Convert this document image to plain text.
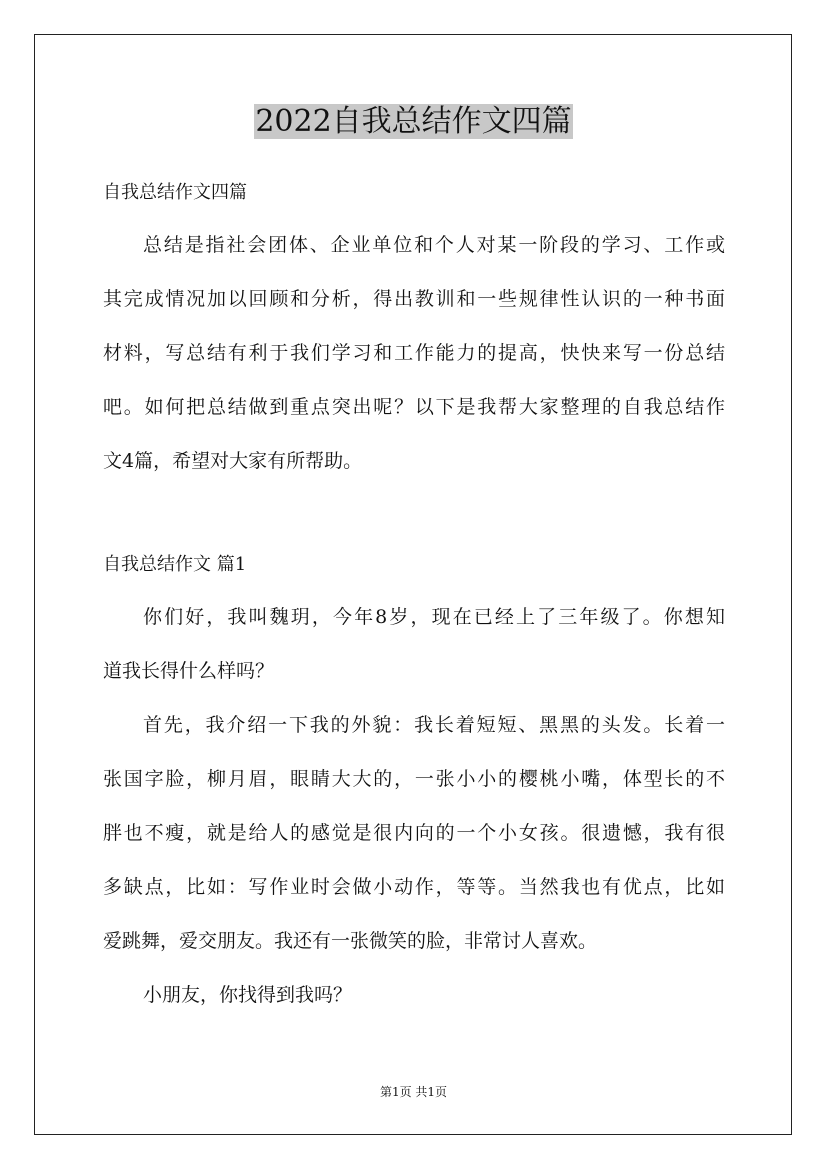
2022自我总结作文四篇

自我总结作文四篇

总结是指社会团体、企业单位和个人对某一阶段的学习、工作或
其完成情况加以回顾和分析，得出教训和一些规律性认识的一种书面
材料，写总结有利于我们学习和工作能力的提高，快快来写一份总结
吧。如何把总结做到重点突出呢？以下是我帮大家整理的自我总结作
文4篇，希望对大家有所帮助。

自我总结作文 篇1

你们好，我叫魏玥，今年8岁，现在已经上了三年级了。你想知
道我长得什么样吗？
首先，我介绍一下我的外貌：我长着短短、黑黑的头发。长着一
张国字脸，柳月眉，眼睛大大的，一张小小的樱桃小嘴，体型长的不
胖也不瘦，就是给人的感觉是很内向的一个小女孩。很遗憾，我有很
多缺点，比如：写作业时会做小动作，等等。当然我也有优点，比如
爱跳舞，爱交朋友。我还有一张微笑的脸，非常讨人喜欢。
小朋友，你找得到我吗？
第1页 共1页
